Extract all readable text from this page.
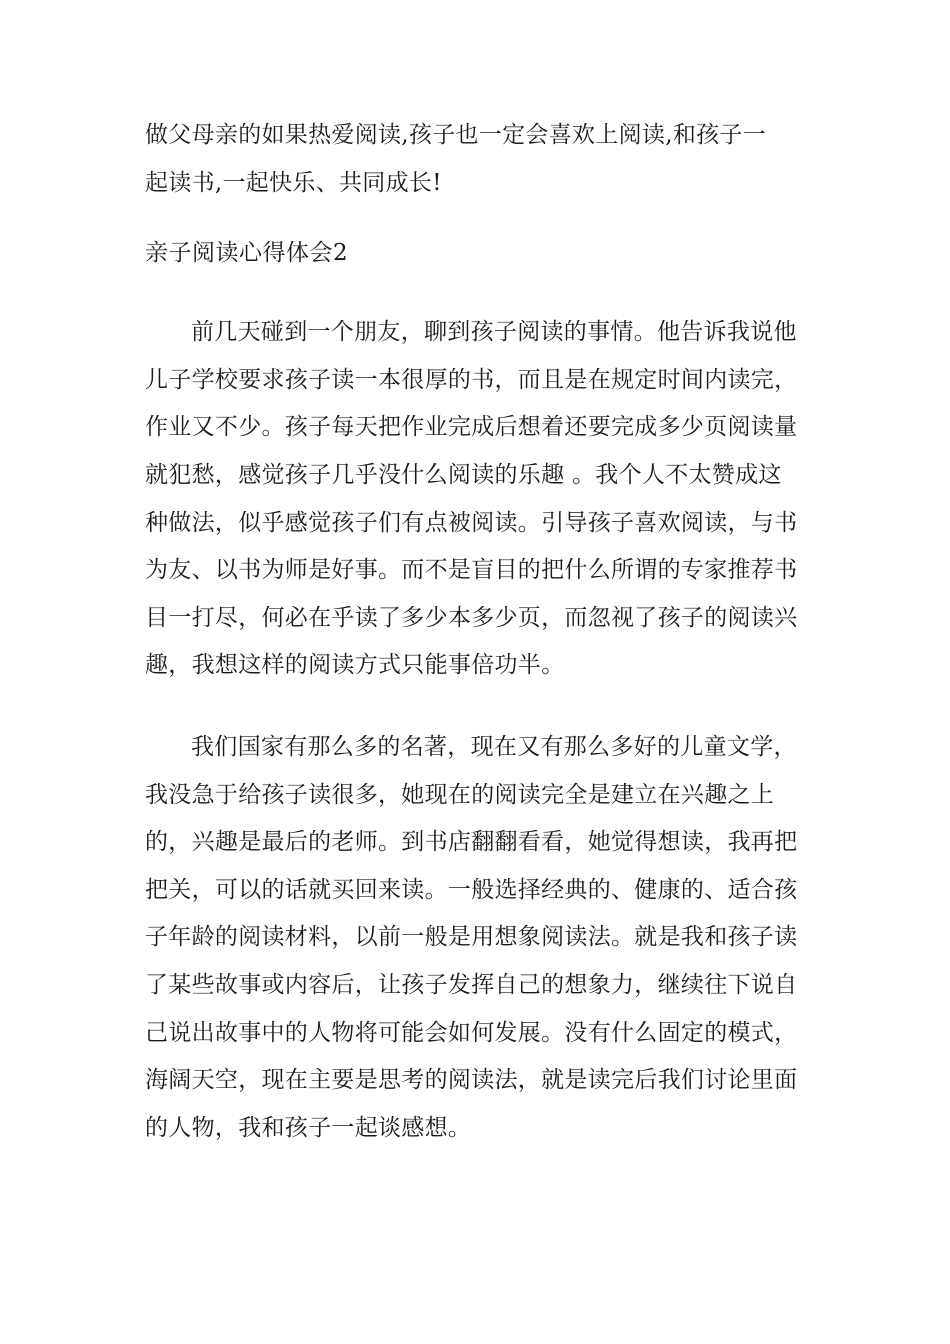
做父母亲的如果热爱阅读,孩子也一定会喜欢上阅读,和孩子一
起读书,一起快乐、共同成长!

亲子阅读心得体会2

前几天碰到一个朋友，聊到孩子阅读的事情。他告诉我说他
儿子学校要求孩子读一本很厚的书，而且是在规定时间内读完，
作业又不少。孩子每天把作业完成后想着还要完成多少页阅读量
就犯愁，感觉孩子几乎没什么阅读的乐趣 。我个人不太赞成这
种做法，似乎感觉孩子们有点被阅读。引导孩子喜欢阅读，与书
为友、以书为师是好事。而不是盲目的把什么所谓的专家推荐书
目一打尽，何必在乎读了多少本多少页，而忽视了孩子的阅读兴
趣，我想这样的阅读方式只能事倍功半。

我们国家有那么多的名著，现在又有那么多好的儿童文学，
我没急于给孩子读很多，她现在的阅读完全是建立在兴趣之上
的，兴趣是最后的老师。到书店翻翻看看，她觉得想读，我再把
把关，可以的话就买回来读。一般选择经典的、健康的、适合孩
子年龄的阅读材料，以前一般是用想象阅读法。就是我和孩子读
了某些故事或内容后，让孩子发挥自己的想象力，继续往下说自
己说出故事中的人物将可能会如何发展。没有什么固定的模式，
海阔天空，现在主要是思考的阅读法，就是读完后我们讨论里面
的人物，我和孩子一起谈感想。
